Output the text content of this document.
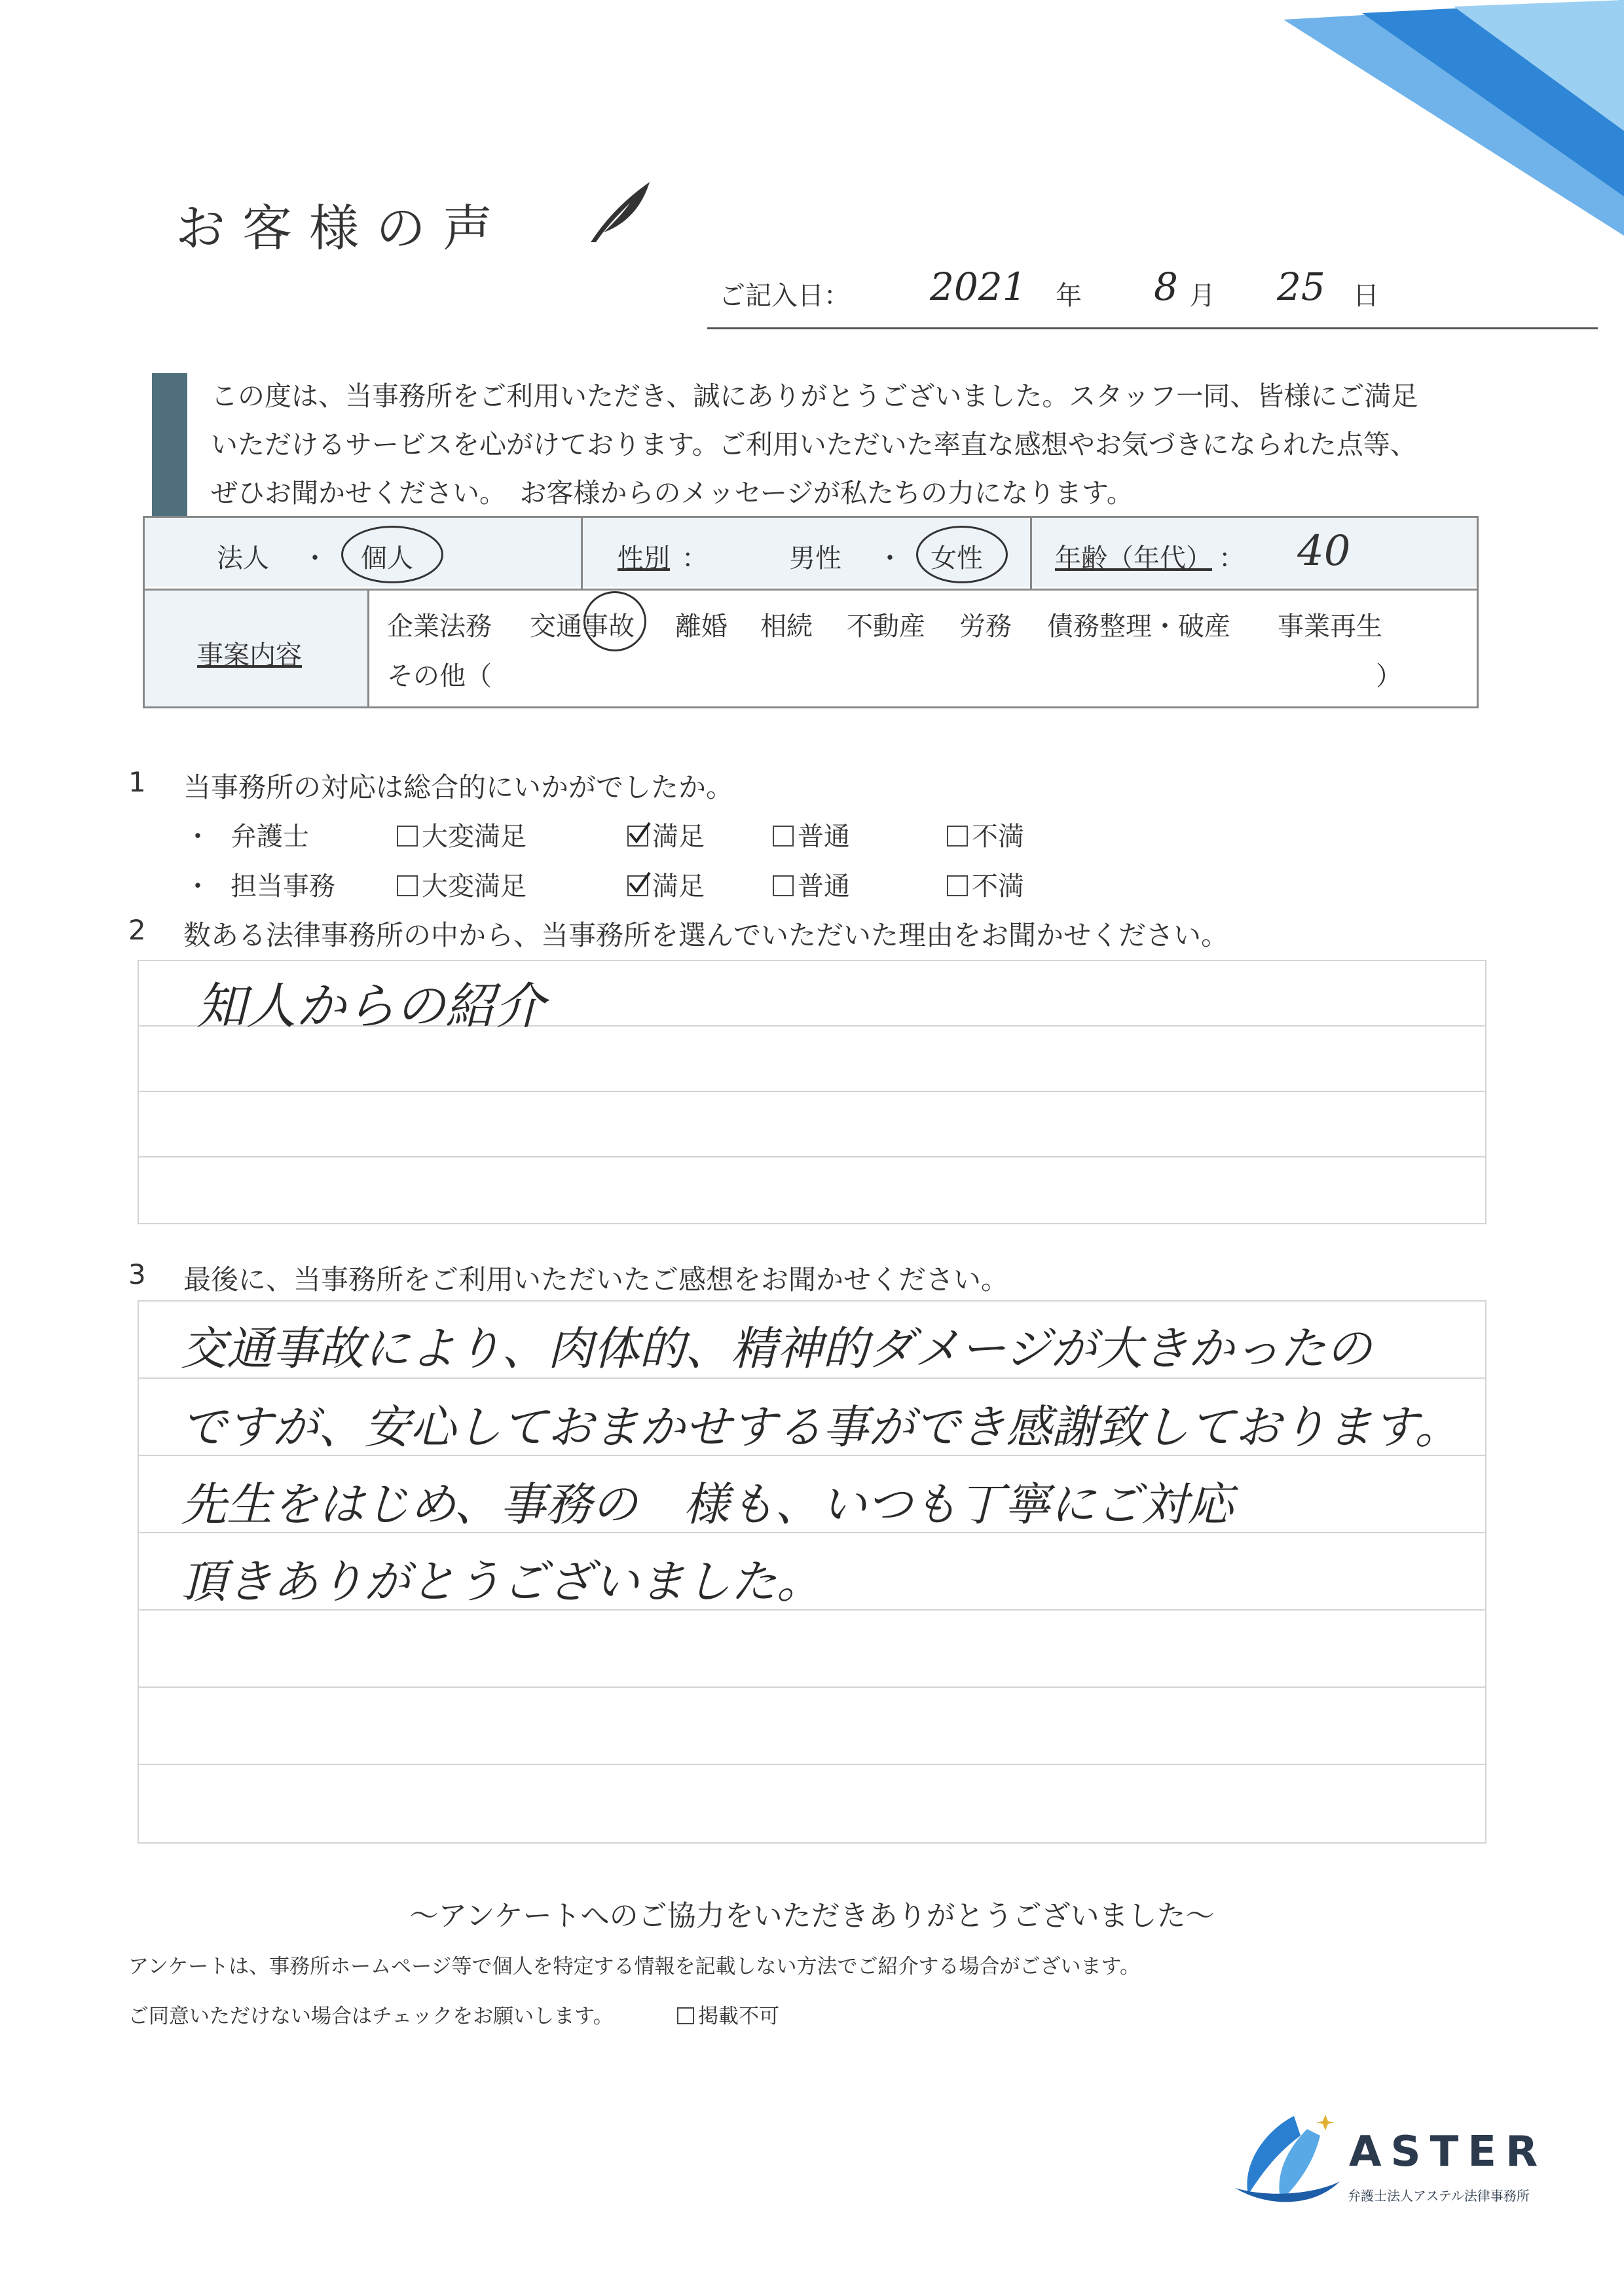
お客様の声
ご記入日： 2021 年 8 月 25 日
この度は、当事務所をご利用いただき、誠にありがとうございました。スタッフ一同、皆様にご満足
いただけるサービスを心がけております。ご利用いただいた率直な感想やお気づきになられた点等、
ぜひお聞かせください。　お客様からのメッセージが私たちの力になります。
法人 ・ 個人	性別 ：	男性 ・ 女性	年齢（年代） ： 40
事案内容
企業法務 交通事故 離婚 相続 不動産 労務 債務整理・破産 事業再生
その他（	）
1 当事務所の対応は総合的にいかがでしたか。
・ 弁護士	大変満足	満足	普通	不満
・ 担当事務	大変満足	満足	普通	不満
2 数ある法律事務所の中から、当事務所を選んでいただいた理由をお聞かせください。
知人からの紹介
3 最後に、当事務所をご利用いただいたご感想をお聞かせください。
交通事故により、肉体的、精神的ダメージが大きかったの
ですが、安心しておまかせする事ができ感謝致しております。
先生をはじめ、事務の　様も、いつも丁寧にご対応
頂きありがとうございました。
〜アンケートへのご協力をいただきありがとうございました〜
アンケートは、事務所ホームページ等で個人を特定する情報を記載しない方法でご紹介する場合がございます。
ご同意いただけない場合はチェックをお願いします。	掲載不可
ASTER
弁護士法人アステル法律事務所
